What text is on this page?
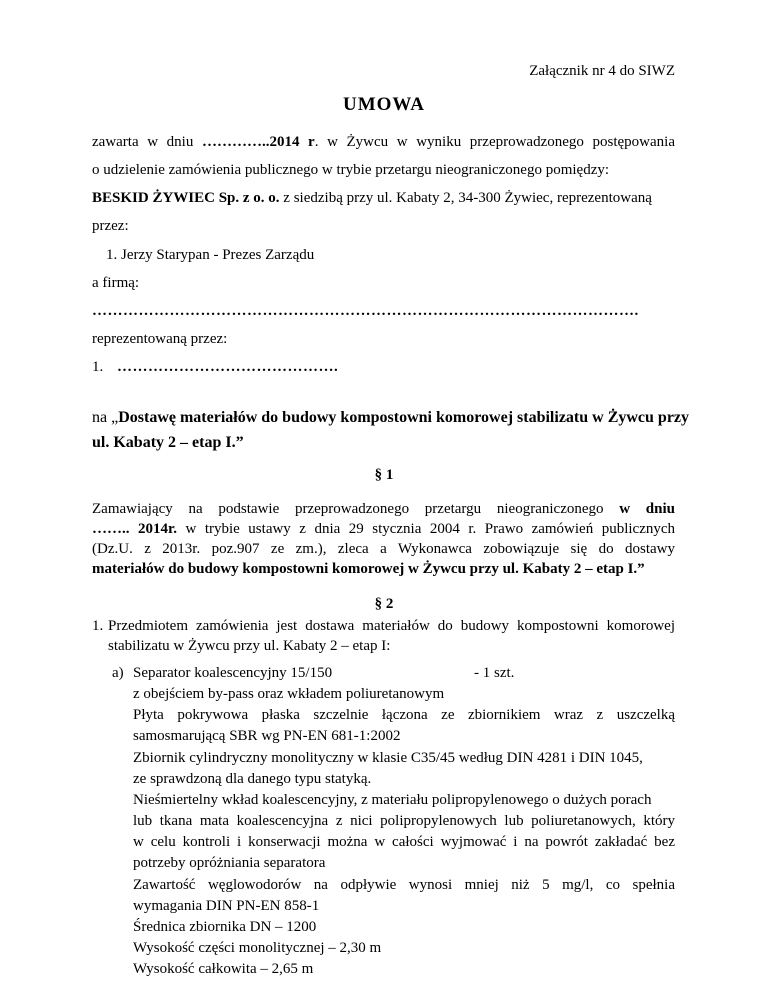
Załącznik nr 4 do SIWZ
UMOWA
zawarta w dniu …………..2014 r. w Żywcu w wyniku przeprowadzonego postępowania
o udzielenie zamówienia publicznego w trybie przetargu nieograniczonego pomiędzy:
BESKID ŻYWIEC Sp. z o. o. z siedzibą przy ul. Kabaty 2, 34-300 Żywiec, reprezentowaną
przez:
1. Jerzy Starypan - Prezes Zarządu
a firmą:
…………………………………………………………………………………………….
reprezentowaną przez:
1. …………………………………….
na „Dostawę materiałów do budowy kompostowni komorowej stabilizatu w Żywcu przy
ul. Kabaty 2 – etap I.”
§ 1
Zamawiający na podstawie przeprowadzonego przetargu nieograniczonego w dniu
…….. 2014r. w trybie ustawy z dnia 29 stycznia 2004 r. Prawo zamówień publicznych
(Dz.U. z 2013r. poz.907 ze zm.), zleca a Wykonawca zobowiązuje się do dostawy
materiałów do budowy kompostowni komorowej w Żywcu przy ul. Kabaty 2 – etap I.”
§ 2
1. Przedmiotem zamówienia jest dostawa materiałów do budowy kompostowni komorowej
stabilizatu w Żywcu przy ul. Kabaty 2 – etap I:
a) Separator koalescencyjny 15/150	- 1 szt.
z obejściem by-pass oraz wkładem poliuretanowym
Płyta pokrywowa płaska szczelnie łączona ze zbiornikiem wraz z uszczelką
samosmarującą SBR wg PN-EN 681-1:2002
Zbiornik cylindryczny monolityczny w klasie C35/45 według DIN 4281 i DIN 1045,
ze sprawdzoną dla danego typu statyką.
Nieśmiertelny wkład koalescencyjny, z materiału polipropylenowego o dużych porach
lub tkana mata koalescencyjna z nici polipropylenowych lub poliuretanowych, który
w celu kontroli i konserwacji można w całości wyjmować i na powrót zakładać bez
potrzeby opróżniania separatora
Zawartość węglowodorów na odpływie wynosi mniej niż 5 mg/l, co spełnia
wymagania DIN PN-EN 858-1
Średnica zbiornika DN – 1200
Wysokość części monolitycznej – 2,30 m
Wysokość całkowita – 2,65 m
